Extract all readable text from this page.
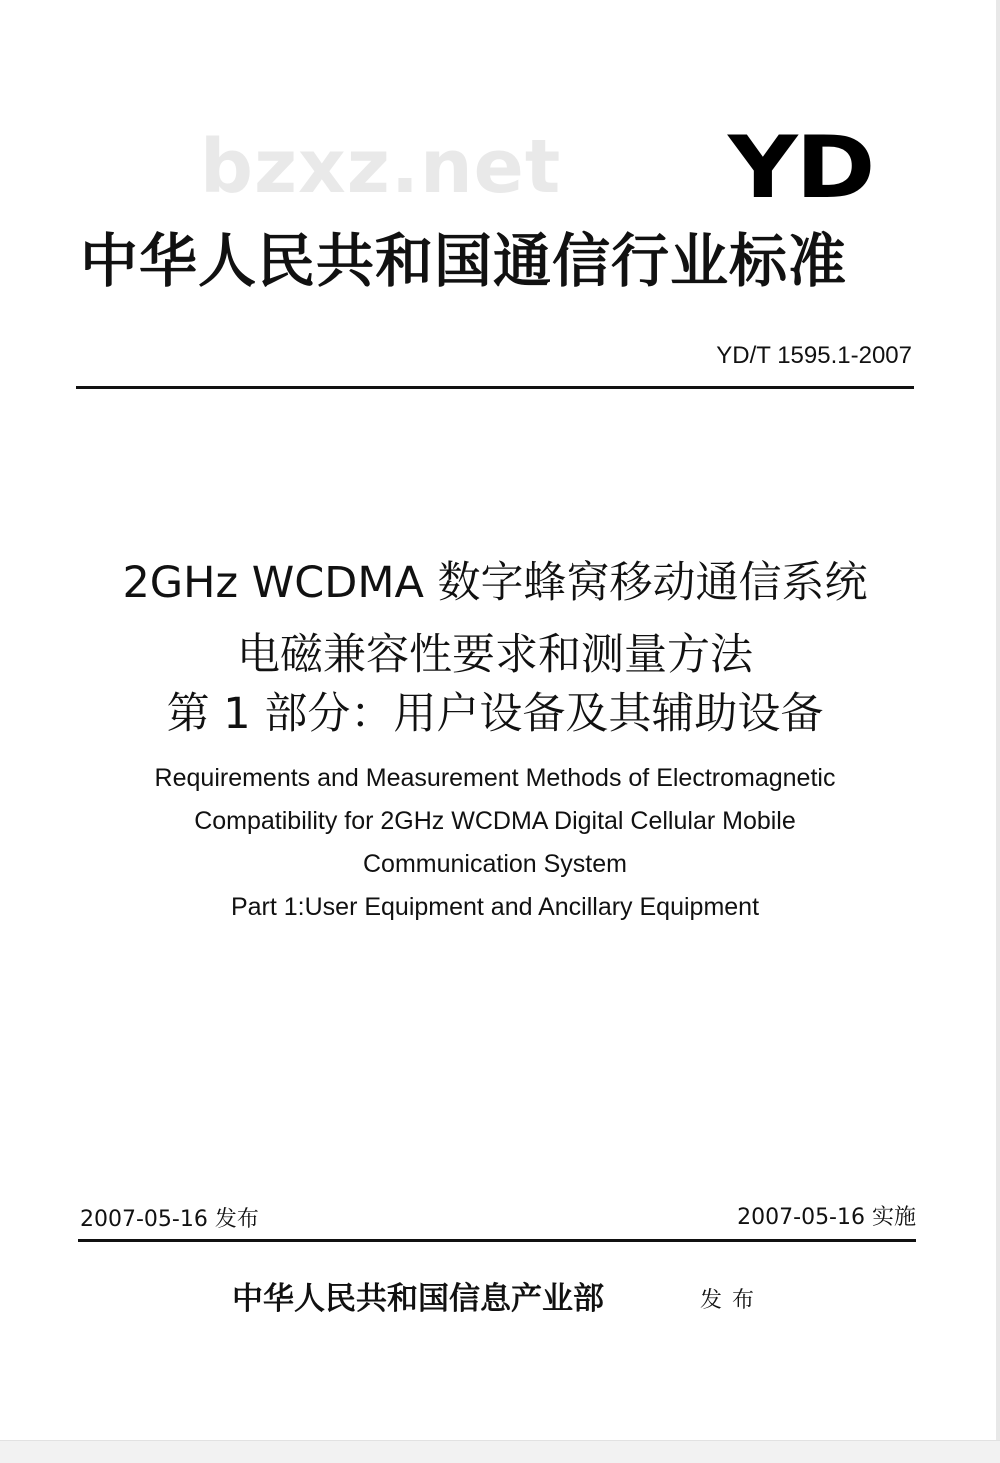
bzxz.net YD
中华人民共和国通信行业标准
YD/T 1595.1-2007
2GHz WCDMA 数字蜂窝移动通信系统
电磁兼容性要求和测量方法
第 1 部分：用户设备及其辅助设备
Requirements and Measurement Methods of Electromagnetic
Compatibility for 2GHz WCDMA Digital Cellular Mobile
Communication System
Part 1:User Equipment and Ancillary Equipment
2007-05-16 发布	2007-05-16 实施
中华人民共和国信息产业部	发布
